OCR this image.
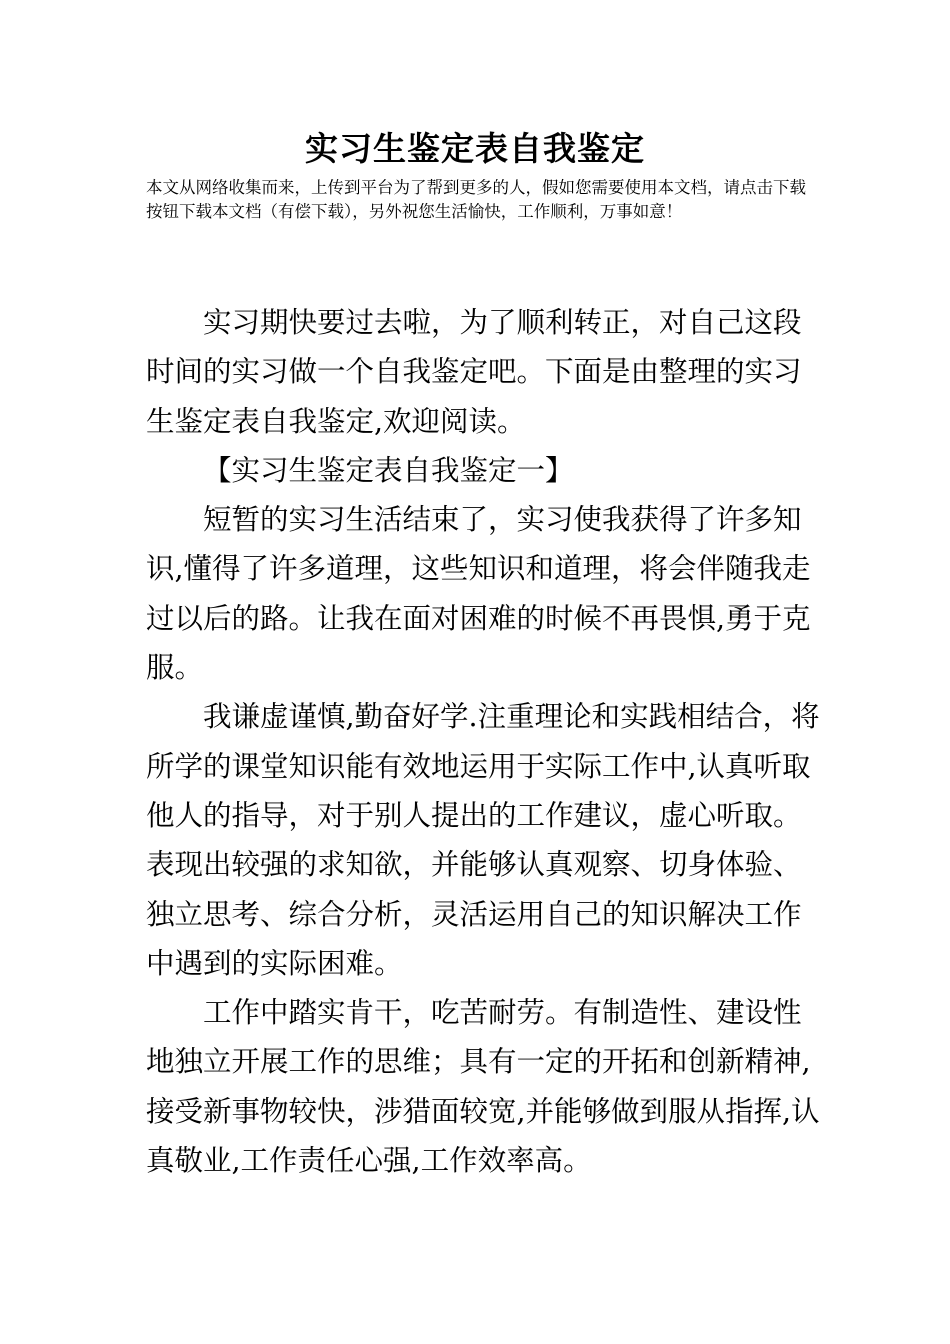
实习生鉴定表自我鉴定

本文从网络收集而来，上传到平台为了帮到更多的人，假如您需要使用本文档，请点击下载按钮下载本文档（有偿下载），另外祝您生活愉快，工作顺利，万事如意！

实习期快要过去啦，为了顺利转正，对自己这段时间的实习做一个自我鉴定吧。下面是由整理的实习生鉴定表自我鉴定,欢迎阅读。

【实习生鉴定表自我鉴定一】

短暂的实习生活结束了，实习使我获得了许多知识,懂得了许多道理，这些知识和道理，将会伴随我走过以后的路。让我在面对困难的时候不再畏惧,勇于克服。

我谦虚谨慎,勤奋好学.注重理论和实践相结合，将所学的课堂知识能有效地运用于实际工作中,认真听取他人的指导，对于别人提出的工作建议，虚心听取。表现出较强的求知欲，并能够认真观察、切身体验、独立思考、综合分析，灵活运用自己的知识解决工作中遇到的实际困难。

工作中踏实肯干，吃苦耐劳。有制造性、建设性地独立开展工作的思维；具有一定的开拓和创新精神,接受新事物较快，涉猎面较宽,并能够做到服从指挥,认真敬业,工作责任心强,工作效率高。
